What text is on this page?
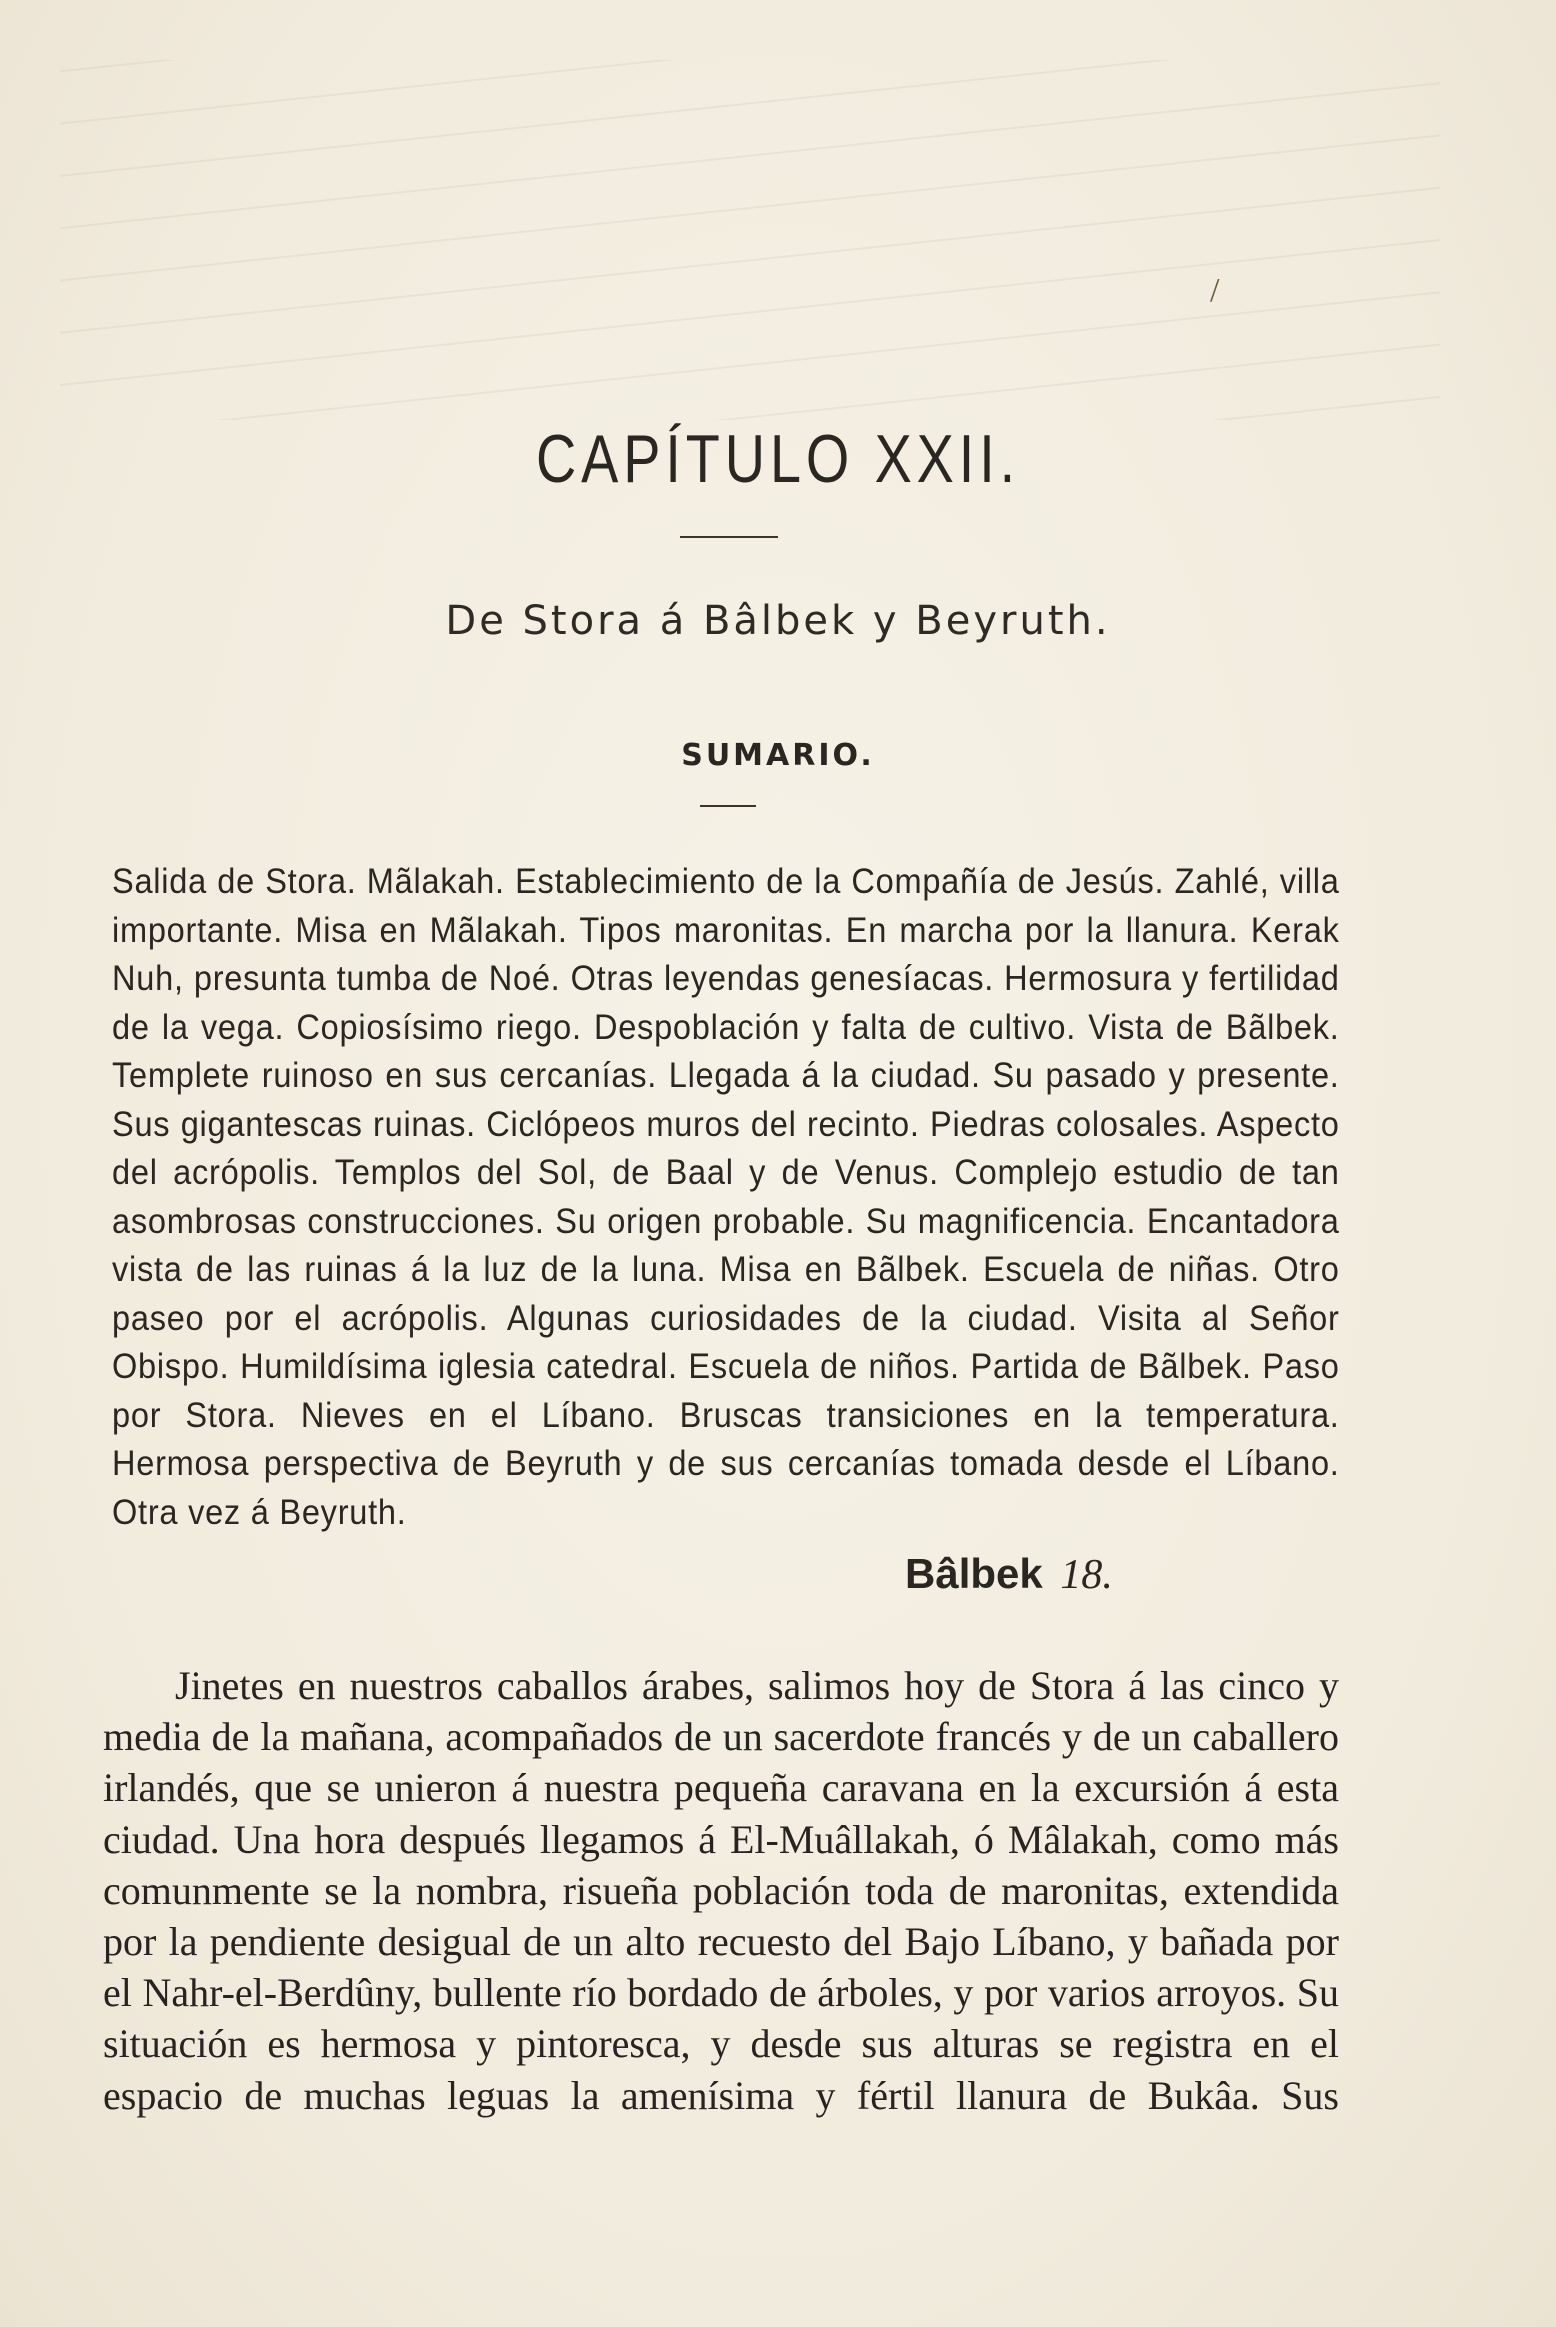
/
CAPÍTULO XXII.
De Stora á Bâlbek y Beyruth.
SUMARIO.
Salida de Stora. Mãlakah. Establecimiento de la Compañía de Jesús. Zahlé, villa importante. Misa en Mãlakah. Tipos maronitas. En marcha por la llanura. Kerak Nuh, presunta tumba de Noé. Otras leyendas genesíacas. Hermosura y fertilidad de la vega. Copiosísimo riego. Despoblación y falta de cultivo. Vista de Bãlbek. Templete ruinoso en sus cercanías. Llegada á la ciudad. Su pasado y presente. Sus gigantescas ruinas. Ciclópeos muros del recinto. Piedras colosales. Aspecto del acrópolis. Templos del Sol, de Baal y de Venus. Complejo estudio de tan asombrosas construcciones. Su origen probable. Su magnificencia. Encantadora vista de las ruinas á la luz de la luna. Misa en Bãlbek. Escuela de niñas. Otro paseo por el acrópolis. Algunas curiosidades de la ciudad. Visita al Señor Obispo. Humildísima iglesia catedral. Escuela de niños. Partida de Bãlbek. Paso por Stora. Nieves en el Líbano. Bruscas transiciones en la temperatura. Hermosa perspectiva de Beyruth y de sus cercanías tomada desde el Líbano. Otra vez á Beyruth.
Bâlbek 18.
Jinetes en nuestros caballos árabes, salimos hoy de Stora á las cinco y media de la mañana, acompañados de un sacerdote francés y de un caballero irlandés, que se unieron á nuestra pequeña caravana en la excursión á esta ciudad. Una hora después llegamos á El-Muâllakah, ó Mâlakah, como más comunmente se la nombra, risueña población toda de maronitas, extendida por la pendiente desigual de un alto recuesto del Bajo Líbano, y bañada por el Nahr-el-Berdûny, bullente río bordado de árboles, y por varios arroyos. Su situación es hermosa y pintoresca, y desde sus alturas se registra en el espacio de muchas leguas la amenísima y fértil llanura de Bukâa. Sus
